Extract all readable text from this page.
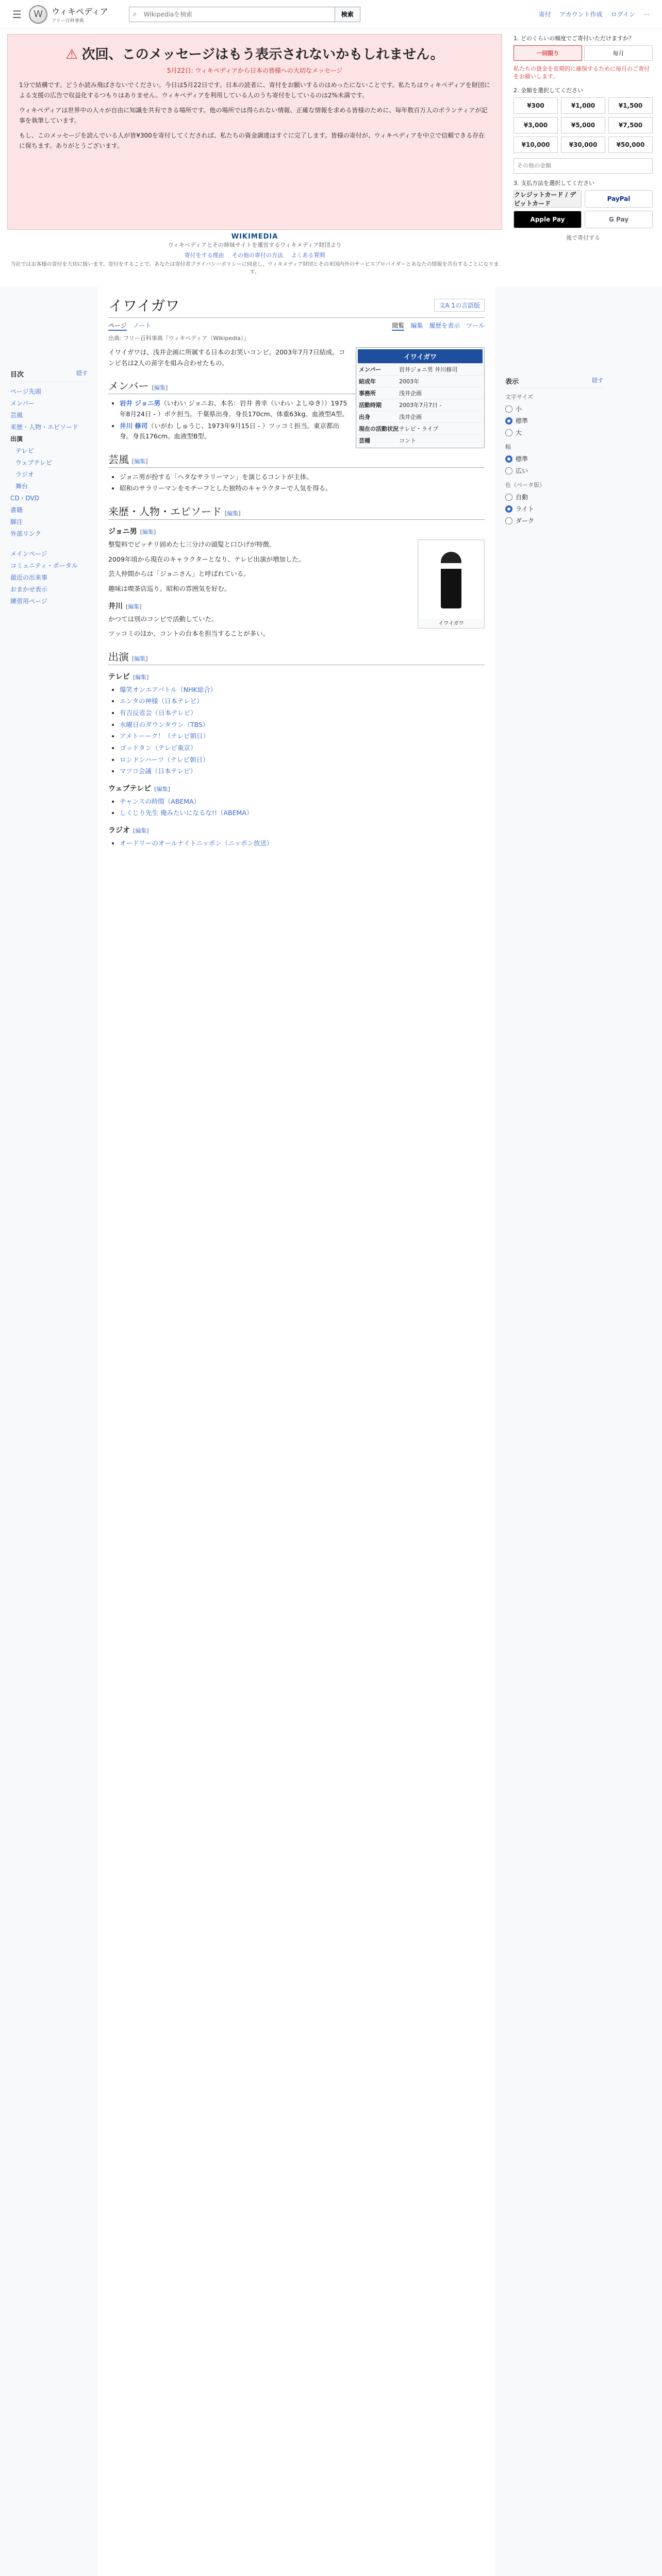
☰	W	ウィキペディア
フリー百科事典
⌕
Wikipediaを検索	検索	寄付 アカウント作成 ログイン ⋯
⚠ 次回、このメッセージはもう表示されないかもしれません。
5月22日: ウィキペディアから日本の皆様への大切なメッセージ

1分で結構です。どうか読み飛ばさないでください。今日は5月22日です。日本の読者に、寄付をお願いするのはめったにないことです。私たちはウィキペディアを財団による支援の広告で収益化するつもりはありません。ウィキペディアを利用している人のうち寄付をしているのは2%未満です。

ウィキペディアは世界中の人々が自由に知識を共有できる場所です。他の場所では得られない情報、正確な情報を求める皆様のために、毎年数百万人のボランティアが記事を執筆しています。

もし、このメッセージを読んでいる人が皆¥300を寄付してくだされば、私たちの資金調達はすぐに完了します。皆様の寄付が、ウィキペディアを中立で信頼できる存在に保ちます。ありがとうございます。

WIKIMEDIA
ウィキペディアとその姉妹サイトを運営するウィキメディア財団より
寄付をする理由 その他の寄付の方法 よくある質問
当社ではお客様の寄付を大切に扱います。寄付をすることで、あなたは寄付者プライバシーポリシーに同意し、ウィキメディア財団とその米国内外のサービスプロバイダーとあなたの情報を共有することになります。
1. どのくらいの頻度でご寄付いただけますか？
一回限り	毎月
私たちの資金を長期的に確保するために毎月のご寄付をお願いします。
2. 金額を選択してください
¥300	¥1,000	¥1,500
¥3,000	¥5,000	¥7,500
¥10,000	¥30,000	¥50,000
その他の金額
3. 支払方法を選択してください
クレジットカード / デビットカード
PayPal
Apple Pay	G Pay
後で寄付する
目次	隠す
ページ先頭
メンバー
芸風
来歴・人物・エピソード
出演
テレビ
ウェブテレビ
ラジオ
舞台
CD・DVD
書籍
脚注
外部リンク
メインページ
コミュニティ・ポータル
最近の出来事
おまかせ表示
練習用ページ
イワイガワ	文A 1の言語版
ページ ノート	閲覧 編集 履歴を表示 ツール
出典: フリー百科事典『ウィキペディア（Wikipedia）』
イワイガワ
メンバー	岩井ジョニ男 井川修司
結成年	2003年
事務所	浅井企画
活動時期	2003年7月7日 -
出身	浅井企画
現在の活動状況 テレビ・ライブ
芸種	コント

イワイガワは、浅井企画に所属する日本のお笑いコンビ。2003年7月7日結成。コンビ名は2人の苗字を組み合わせたもの。

メンバー [編集]
• 岩井 ジョニ男（いわい ジョニお、本名：岩井 善幸（いわい よしゆき））1975年8月24日 - ）ボケ担当。千葉県出身。身長170cm、体重63kg。血液型A型。
• 井川 修司（いがわ しゅうじ、1973年9月15日 - ）ツッコミ担当。東京都出身。身長176cm。血液型B型。
芸風 [編集]
• ジョニ男が扮する「ヘタなサラリーマン」を演じるコントが主体。
• 昭和のサラリーマンをモチーフとした独特のキャラクターで人気を得る。
来歴・人物・エピソード [編集]
ジョニ男 [編集]
イワイガワ

整髪料でピッチリ固めた七三分けの頭髪と口ひげが特徴。

2009年頃から現在のキャラクターとなり、テレビ出演が増加した。

芸人仲間からは「ジョニさん」と呼ばれている。

趣味は喫茶店巡り。昭和の雰囲気を好む。

井川 [編集]

かつては別のコンビで活動していた。

ツッコミのほか、コントの台本を担当することが多い。

出演 [編集]
テレビ [編集]
• 爆笑オンエアバトル（NHK総合）
• エンタの神様（日本テレビ）
• 有吉反省会（日本テレビ）
• 水曜日のダウンタウン（TBS）
• アメトーーク！（テレビ朝日）
• ゴッドタン（テレビ東京）
• ロンドンハーツ（テレビ朝日）
• マツコ会議（日本テレビ）
ウェブテレビ [編集]
• チャンスの時間（ABEMA）
• しくじり先生 俺みたいになるな!!（ABEMA）
ラジオ [編集]
• オードリーのオールナイトニッポン（ニッポン放送）
表示	隠す
文字サイズ
小
標準
大
幅
標準
広い
色（ベータ版）
自動
ライト
ダーク
